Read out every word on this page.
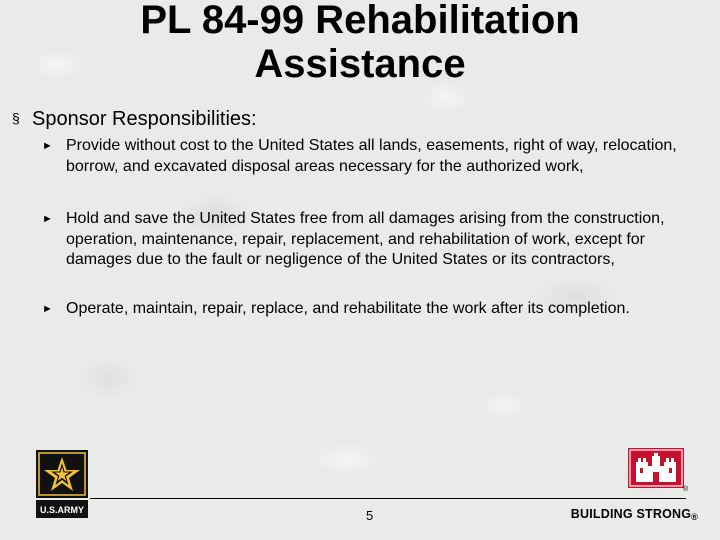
PL 84-99 Rehabilitation
Assistance
§ Sponsor Responsibilities:
► Provide without cost to the United States all lands, easements, right of way, relocation, borrow, and excavated disposal areas necessary for the authorized work,
► Hold and save the United States free from all damages arising from the construction, operation, maintenance, repair, replacement, and rehabilitation of work, except for damages due to the fault or negligence of the United States or its contractors,
► Operate, maintain, repair, replace, and rehabilitate the work after its completion.
U.S.ARMY
®
5	BUILDING STRONG®
